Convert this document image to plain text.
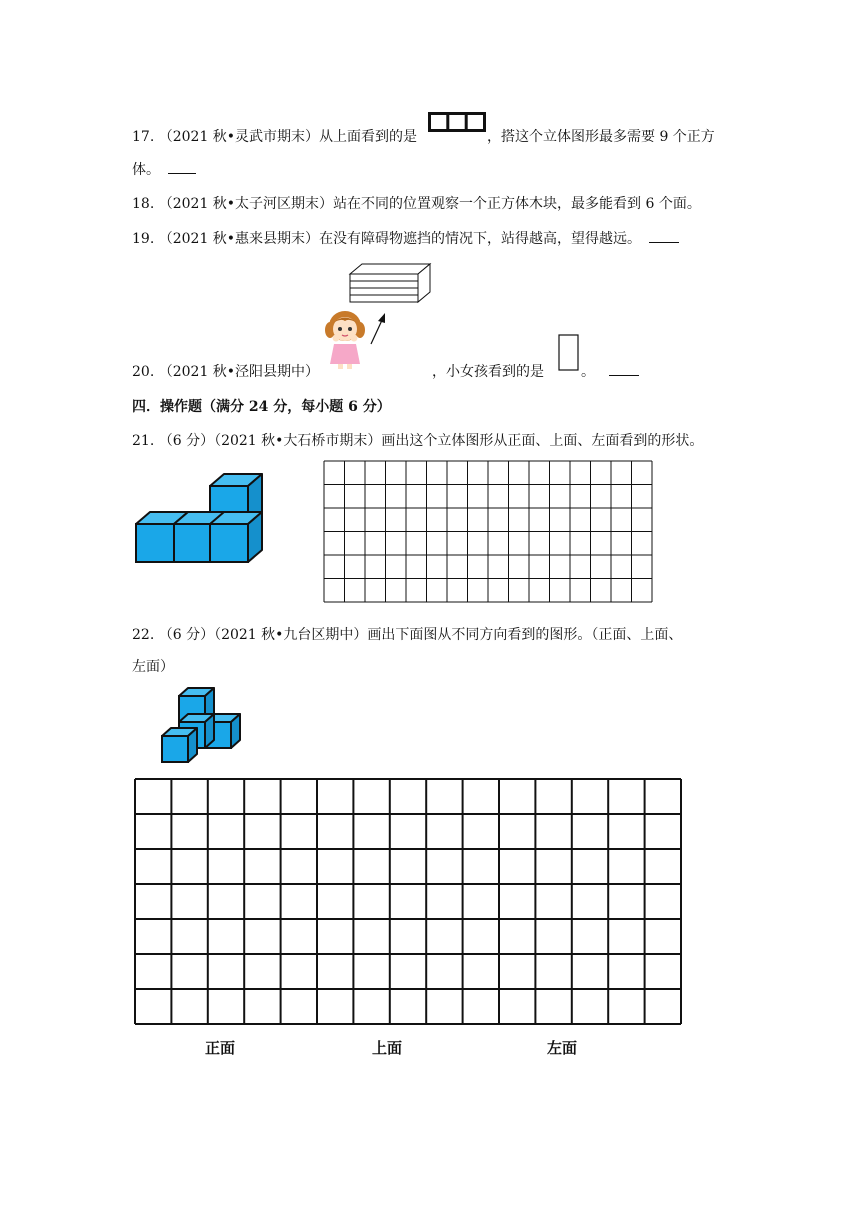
17. （2021 秋•灵武市期末）从上面看到的是	，搭这个立体图形最多需要 9 个正方
体。
18. （2021 秋•太子河区期末）站在不同的位置观察一个正方体木块，最多能看到 6 个面。
19. （2021 秋•惠来县期末）在没有障碍物遮挡的情况下，站得越高，望得越远。
20. （2021 秋•泾阳县期中）	，小女孩看到的是	。
四．操作题（满分 24 分，每小题 6 分）
21. （6 分）（2021 秋•大石桥市期末）画出这个立体图形从正面、上面、左面看到的形状。
22. （6 分）（2021 秋•九台区期中）画出下面图从不同方向看到的图形。（正面、上面、
左面）
正面	上面	左面
